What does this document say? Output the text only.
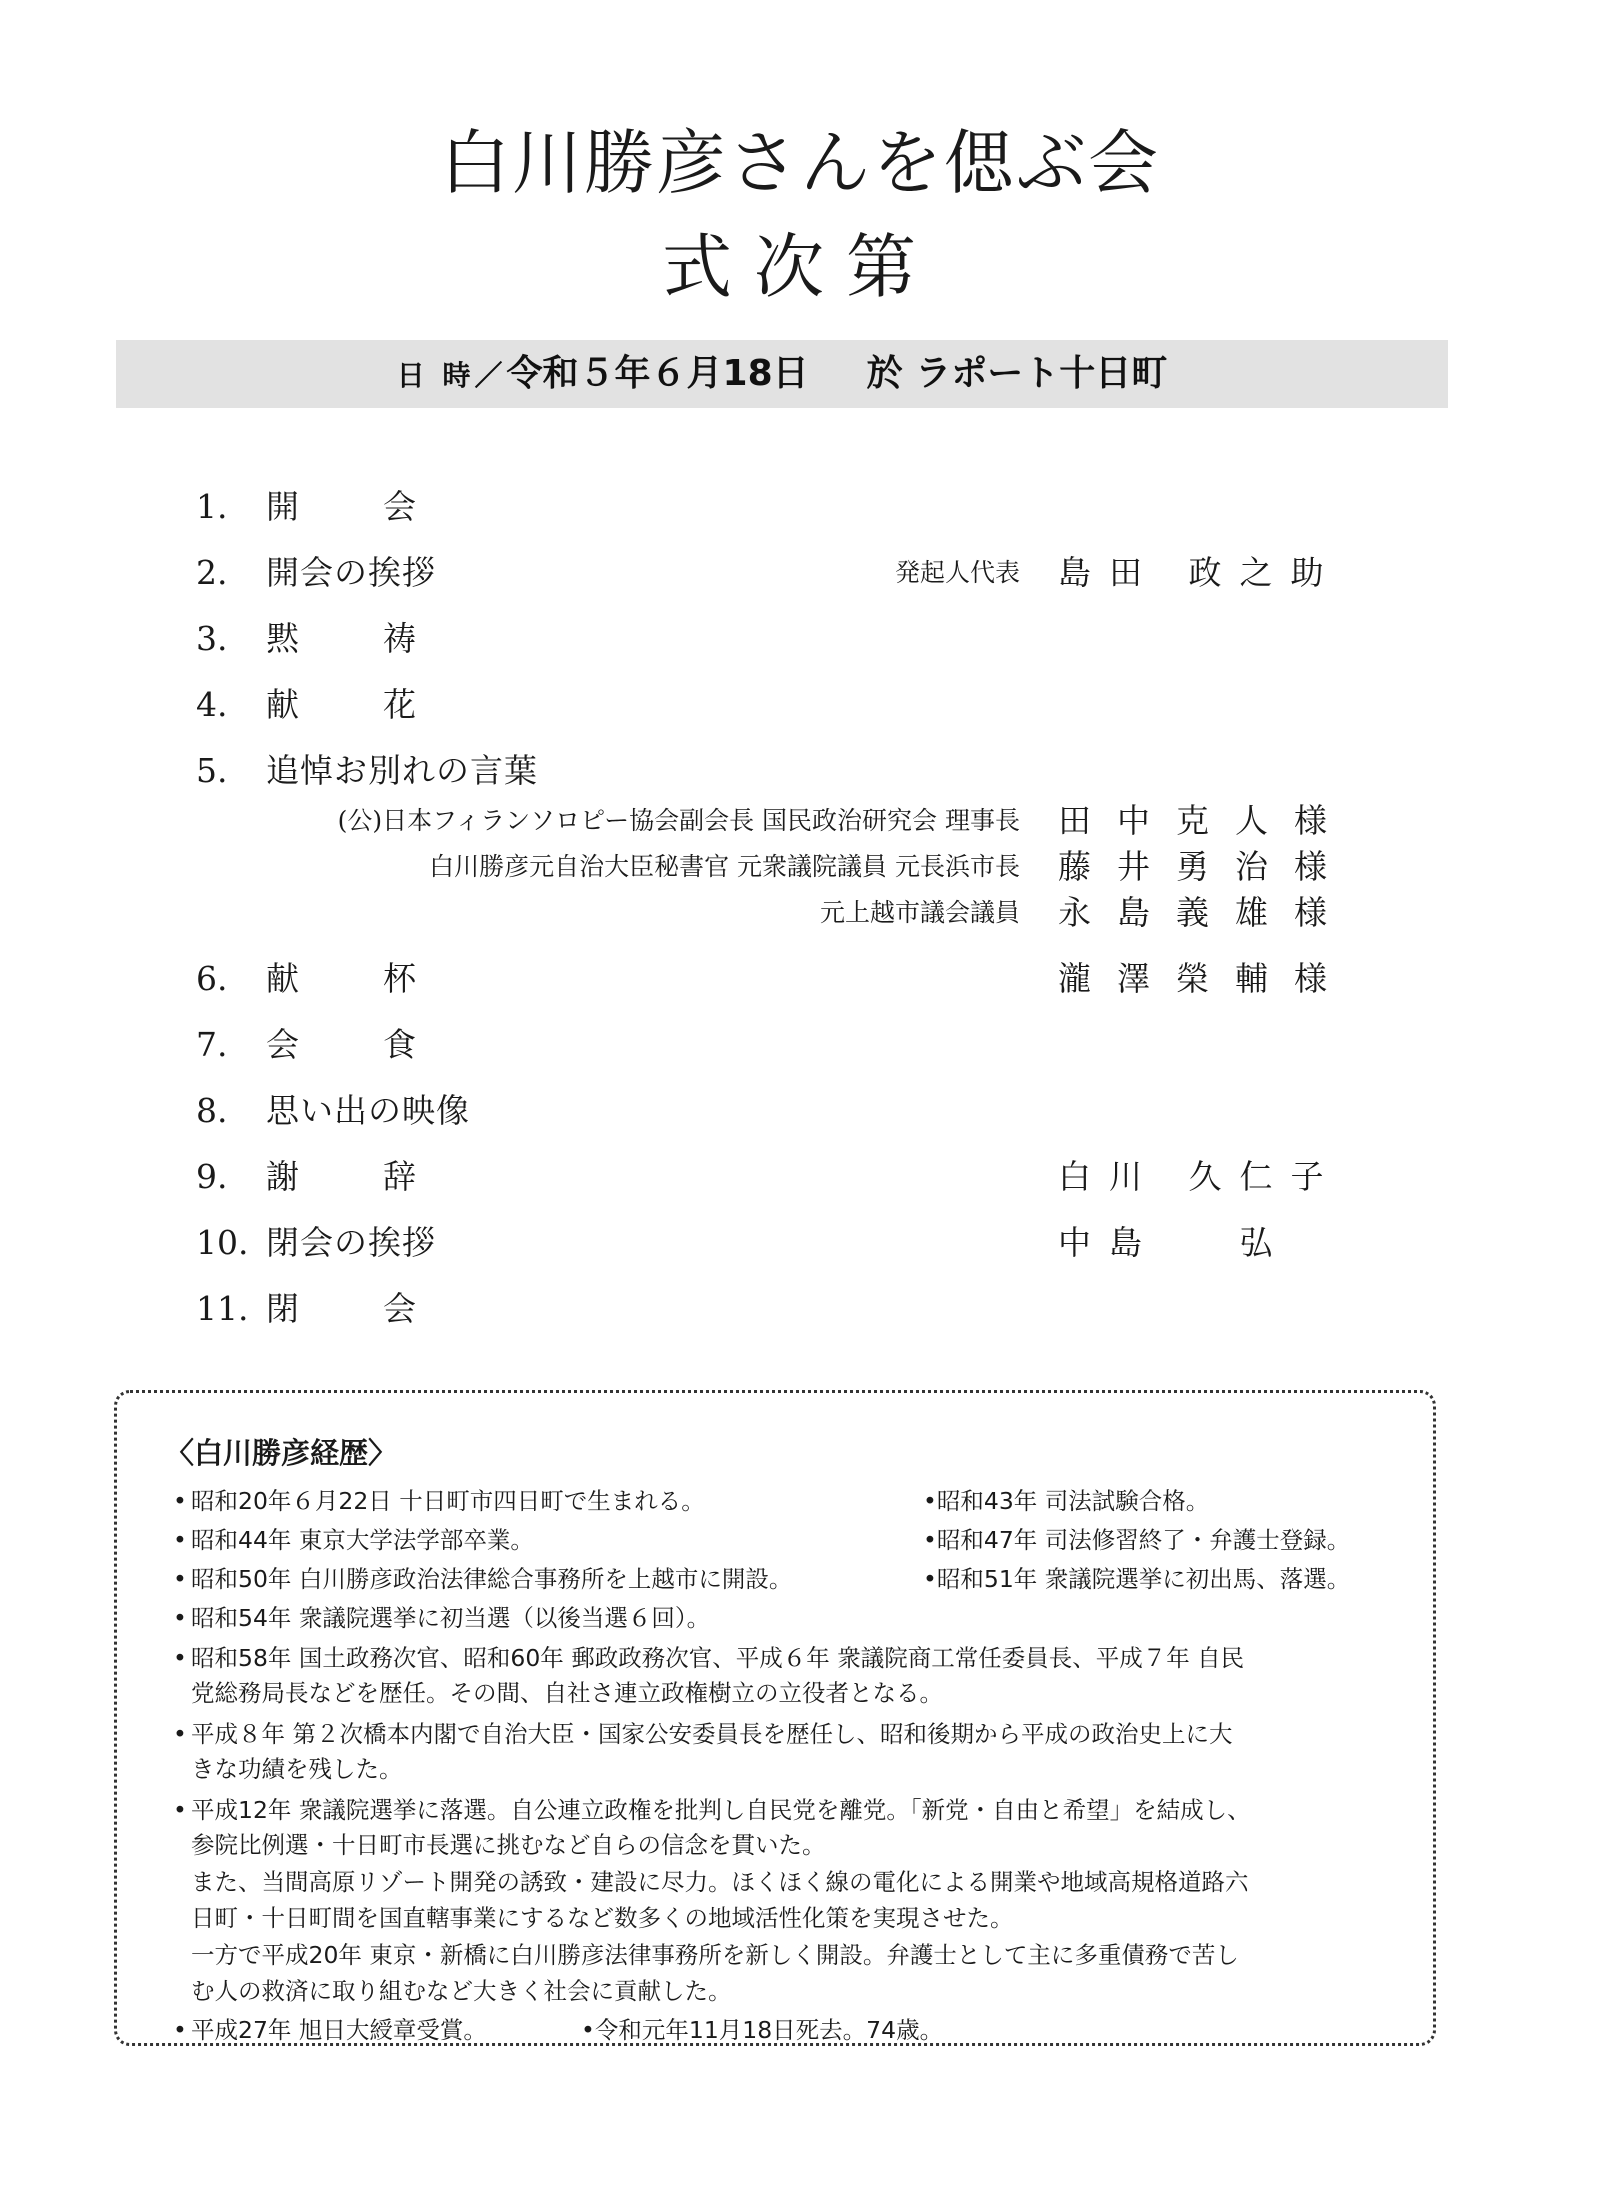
白川勝彦さんを偲ぶ会
式次第
日 時／令和５年６月18日 於 ラポート十日町
1.	開会
2.	開会の挨拶	発起人代表 島田 政之助
3.	黙祷
4.	献花
5.	追悼お別れの言葉
(公)日本フィランソロピー協会副会長 国民政治研究会 理事長 田中克人様
白川勝彦元自治大臣秘書官 元衆議院議員 元長浜市長 藤井勇治様
元上越市議会議員 永島義雄様
6.	献杯	瀧澤榮輔様
7.	会食
8.	思い出の映像
9.	謝辞	白川 久仁子
10. 閉会の挨拶	中島　 弘
11. 閉会
〈白川勝彦経歴〉
• 昭和20年６月22日 十日町市四日町で生まれる。	•昭和43年 司法試験合格。
• 昭和44年 東京大学法学部卒業。	•昭和47年 司法修習終了・弁護士登録。
• 昭和50年 白川勝彦政治法律総合事務所を上越市に開設。	•昭和51年 衆議院選挙に初出馬、落選。
• 昭和54年 衆議院選挙に初当選（以後当選６回）。
• 昭和58年 国土政務次官、昭和60年 郵政政務次官、平成６年 衆議院商工常任委員長、平成７年 自民
党総務局長などを歴任。その間、自社さ連立政権樹立の立役者となる。
• 平成８年 第２次橋本内閣で自治大臣・国家公安委員長を歴任し、昭和後期から平成の政治史上に大
きな功績を残した。
• 平成12年 衆議院選挙に落選。自公連立政権を批判し自民党を離党。「新党・自由と希望」を結成し、
参院比例選・十日町市長選に挑むなど自らの信念を貫いた。
また、当間高原リゾート開発の誘致・建設に尽力。ほくほく線の電化による開業や地域高規格道路六
日町・十日町間を国直轄事業にするなど数多くの地域活性化策を実現させた。
一方で平成20年 東京・新橋に白川勝彦法律事務所を新しく開設。弁護士として主に多重債務で苦し
む人の救済に取り組むなど大きく社会に貢献した。
• 平成27年 旭日大綬章受賞。	•令和元年11月18日死去。74歳。
